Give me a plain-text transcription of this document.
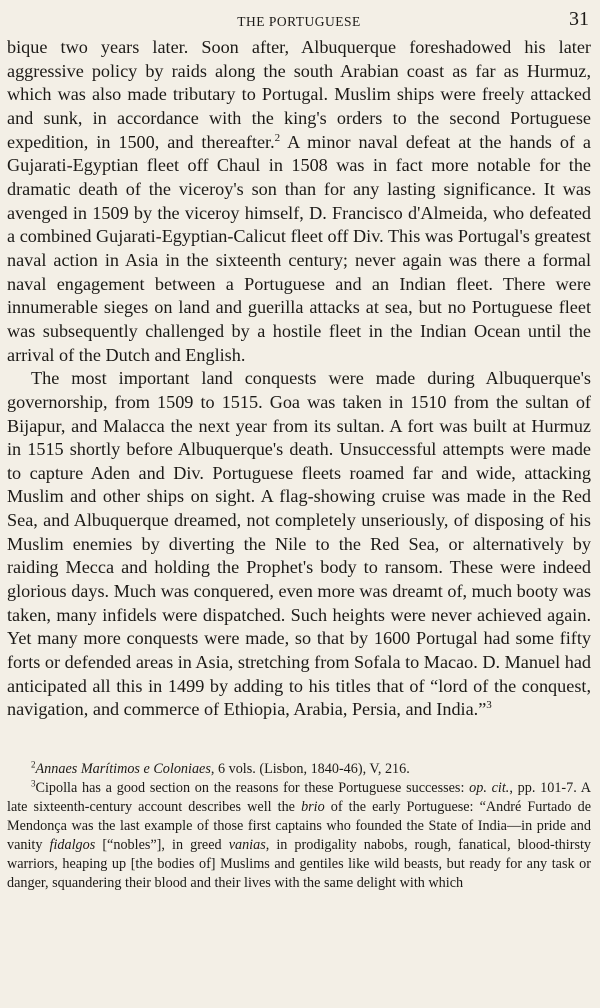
THE PORTUGUESE	31

bique two years later. Soon after, Albuquerque foreshadowed his later aggressive policy by raids along the south Arabian coast as far as Hurmuz, which was also made tributary to Portugal. Muslim ships were freely attacked and sunk, in accordance with the king's orders to the second Portuguese expedition, in 1500, and thereafter.$^2$ A minor naval defeat at the hands of a Gujarati-Egyptian fleet off Chaul in 1508 was in fact more notable for the dramatic death of the viceroy's son than for any lasting significance. It was avenged in 1509 by the viceroy himself, D. Francisco d'Almeida, who defeated a combined Gujarati-Egyptian-Calicut fleet off Div. This was Portugal's greatest naval action in Asia in the sixteenth century; never again was there a formal naval engagement between a Portuguese and an Indian fleet. There were innumerable sieges on land and guerilla attacks at sea, but no Portuguese fleet was subsequently challenged by a hostile fleet in the Indian Ocean until the arrival of the Dutch and English.

The most important land conquests were made during Albuquerque's governorship, from 1509 to 1515. Goa was taken in 1510 from the sultan of Bijapur, and Malacca the next year from its sultan. A fort was built at Hurmuz in 1515 shortly before Albuquerque's death. Unsuccessful attempts were made to capture Aden and Div. Portuguese fleets roamed far and wide, attacking Muslim and other ships on sight. A flag-showing cruise was made in the Red Sea, and Albuquerque dreamed, not completely unseriously, of disposing of his Muslim enemies by diverting the Nile to the Red Sea, or alternatively by raiding Mecca and holding the Prophet's body to ransom. These were indeed glorious days. Much was conquered, even more was dreamt of, much booty was taken, many infidels were dispatched. Such heights were never achieved again. Yet many more conquests were made, so that by 1600 Portugal had some fifty forts or defended areas in Asia, stretching from Sofala to Macao. D. Manuel had anticipated all this in 1499 by adding to his titles that of “lord of the conquest, navigation, and commerce of Ethiopia, Arabia, Persia, and India.”$^3$

$^2$Annaes Marítimos e Coloniaes, 6 vols. (Lisbon, 1840-46), V, 216.

$^3$Cipolla has a good section on the reasons for these Portuguese successes: op. cit., pp. 101-7. A late sixteenth-century account describes well the brio of the early Portuguese: “André Furtado de Mendonça was the last example of those first captains who founded the State of India—in pride and vanity fidalgos [“nobles”], in greed vanias, in prodigality nabobs, rough, fanatical, blood-thirsty warriors, heaping up [the bodies of] Muslims and gentiles like wild beasts, but ready for any task or danger, squandering their blood and their lives with the same delight with which
